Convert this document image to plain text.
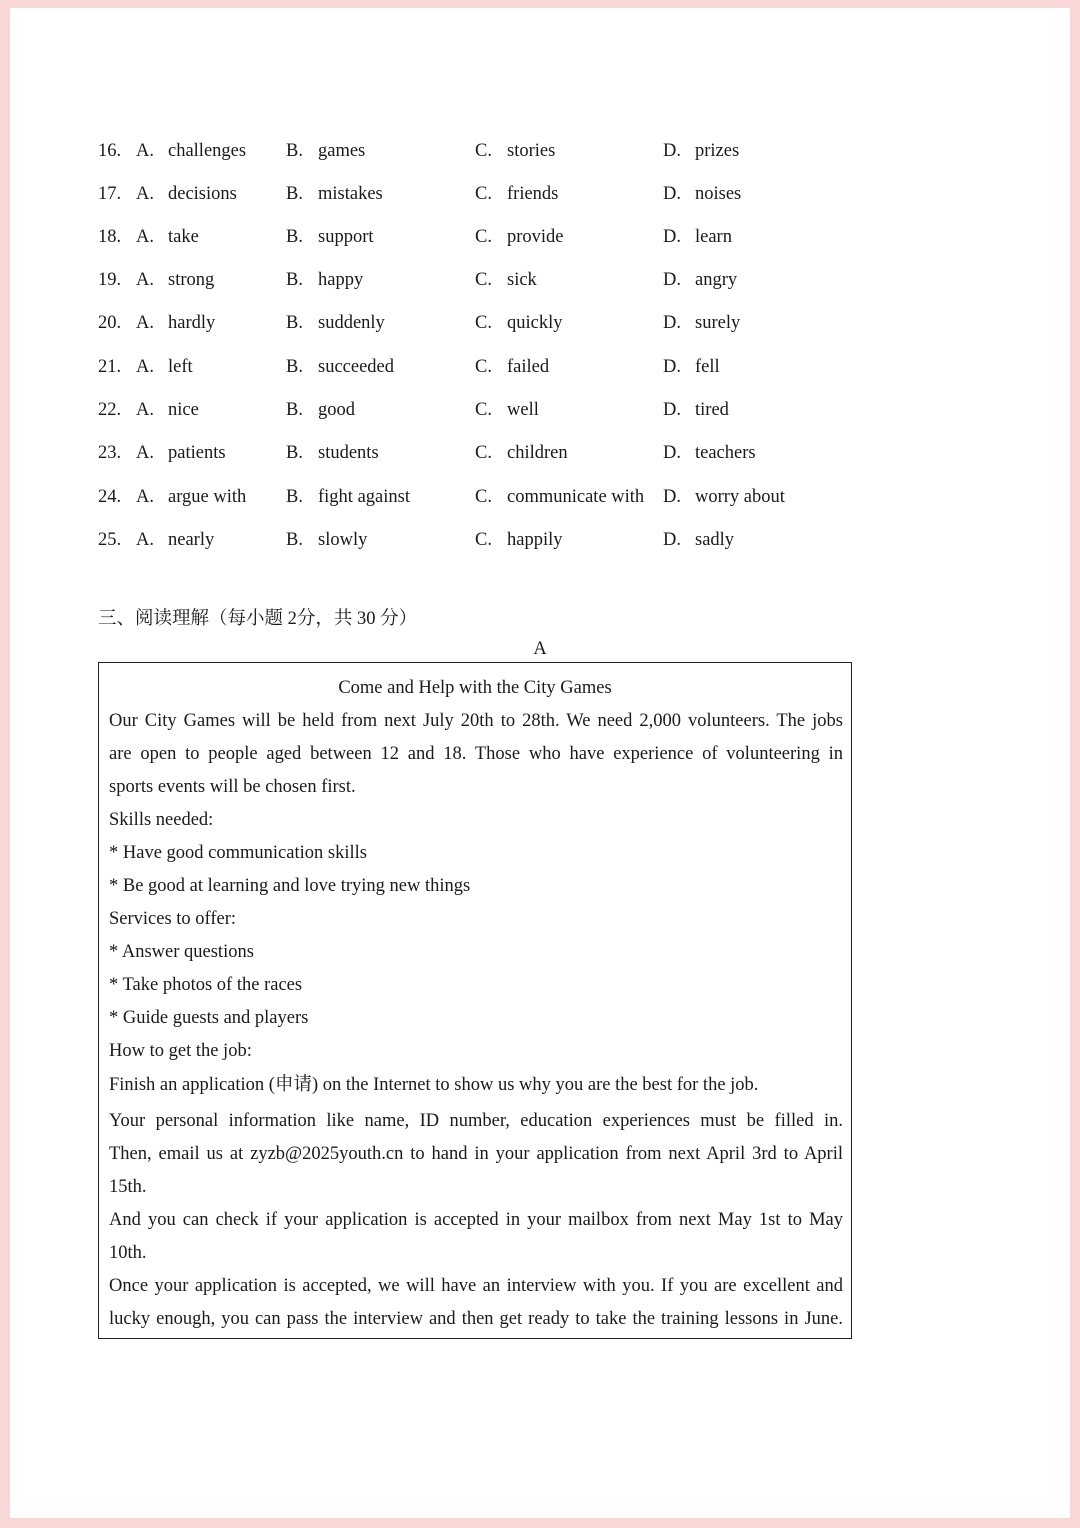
16. A. challenges B. games	C. stories	D. prizes
17. A. decisions	B. mistakes	C. friends	D. noises
18. A. take	B. support	C. provide	D. learn
19. A. strong	B. happy	C. sick	D. angry
20. A. hardly	B. suddenly	C. quickly	D. surely
21. A. left	B. succeeded	C. failed	D. fell
22. A. nice	B. good	C. well	D. tired
23. A. patients	B. students	C. children	D. teachers
24. A. argue with B. fight against	C. communicate with D. worry about
25. A. nearly	B. slowly	C. happily	D. sadly
三、阅读理解（每小题 2分，共 30 分）
A
Come and Help with the City Games
Our City Games will be held from next July 20th to 28th. We need 2,000 volunteers. The jobs
are open to people aged between 12 and 18. Those who have experience of volunteering in
sports events will be chosen first.
Skills needed:
* Have good communication skills
* Be good at learning and love trying new things
Services to offer:
* Answer questions
* Take photos of the races
* Guide guests and players
How to get the job:
Finish an application (申请) on the Internet to show us why you are the best for the job.
Your personal information like name, ID number, education experiences must be filled in.
Then, email us at zyzb@2025youth.cn to hand in your application from next April 3rd to April
15th.
And you can check if your application is accepted in your mailbox from next May 1st to May
10th.
Once your application is accepted, we will have an interview with you. If you are excellent and
lucky enough, you can pass the interview and then get ready to take the training lessons in June.
